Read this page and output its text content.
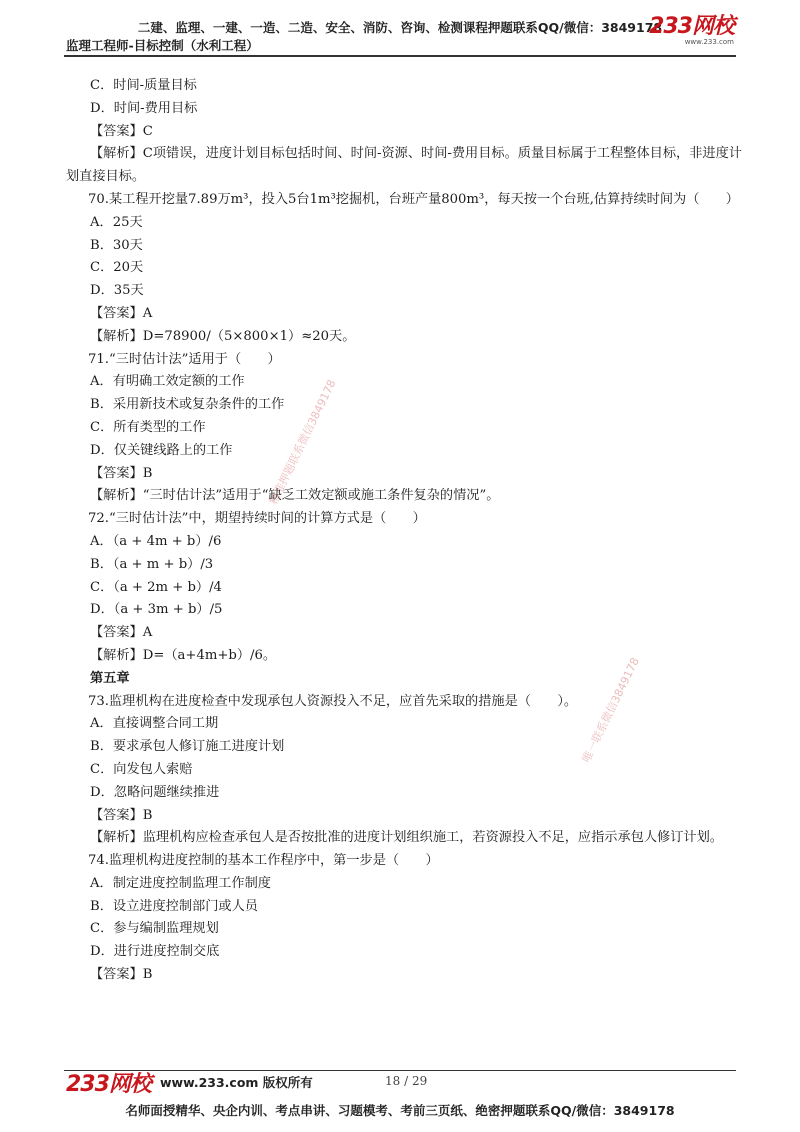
二建、监理、一建、一造、二造、安全、消防、咨询、检测课程押题联系QQ/微信：3849178
监理工程师-目标控制（水利工程）
233网校
www.233.com
C．时间-质量目标
D．时间-费用目标
【答案】C
【解析】C项错误，进度计划目标包括时间、时间-资源、时间-费用目标。质量目标属于工程整体目标，非进度计划直接目标。
70.某工程开挖量7.89万m³，投入5台1m³挖掘机，台班产量800m³，每天按一个台班,估算持续时间为（　　）
A．25天
B．30天
C．20天
D．35天
【答案】A
【解析】D=78900/（5×800×1）≈20天。
71.“三时估计法”适用于（　　）
A．有明确工效定额的工作
B．采用新技术或复杂条件的工作
C．所有类型的工作
D．仅关键线路上的工作
【答案】B
【解析】“三时估计法”适用于“缺乏工效定额或施工条件复杂的情况”。
72.“三时估计法”中，期望持续时间的计算方式是（　　）
A．（a + 4m + b）/6
B．（a + m + b）/3
C．（a + 2m + b）/4
D．（a + 3m + b）/5
【答案】A
【解析】D=（a+4m+b）/6。
第五章
73.监理机构在进度检查中发现承包人资源投入不足，应首先采取的措施是（　　）。
A．直接调整合同工期
B．要求承包人修订施工进度计划
C．向发包人索赔
D．忽略问题继续推进
【答案】B
【解析】监理机构应检查承包人是否按批准的进度计划组织施工，若资源投入不足，应指示承包人修订计划。
74.监理机构进度控制的基本工作程序中，第一步是（　　）
A．制定进度控制监理工作制度
B．设立进度控制部门或人员
C．参与编制监理规划
D．进行进度控制交底
【答案】B
精准押题联系微信3849178
唯一联系微信3849178
233网校 www.233.com 版权所有	18 / 29
名师面授精华、央企内训、考点串讲、习题模考、考前三页纸、绝密押题联系QQ/微信：3849178
